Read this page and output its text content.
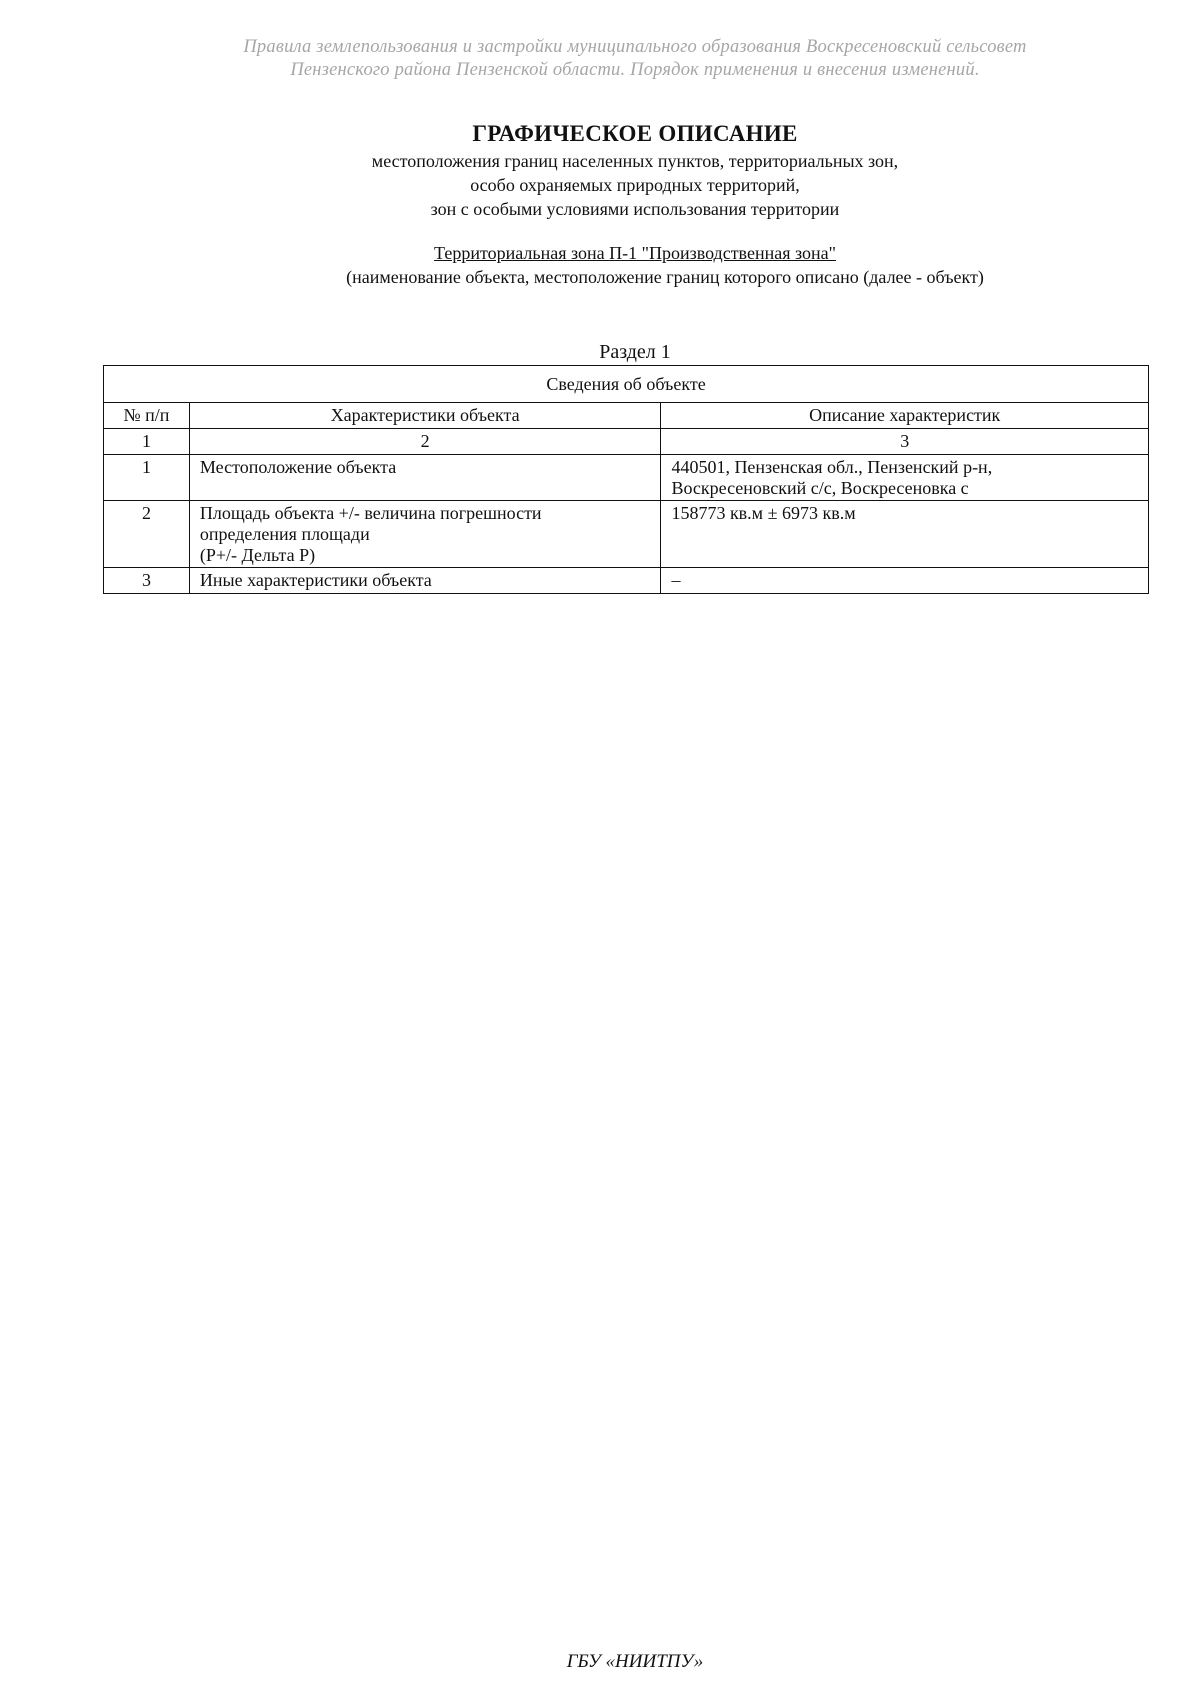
Правила землепользования и застройки муниципального образования Воскресеновский сельсовет
Пензенского района Пензенской области. Порядок применения и внесения изменений.
ГРАФИЧЕСКОЕ ОПИСАНИЕ
местоположения границ населенных пунктов, территориальных зон,
особо охраняемых природных территорий,
зон с особыми условиями использования территории
Территориальная зона П-1 "Производственная зона"
(наименование объекта, местоположение границ которого описано (далее - объект)
Раздел 1
Сведения об объекте		
№ п/п	Характеристики объекта	Описание характеристик
1	2	3
1	Местоположение объекта	440501, Пензенская обл., Пензенский р-н,
Воскресеновский с/с, Воскресеновка с

2	Площадь объекта +/- величина погрешности
определения площади
(Р+/- Дельта Р)	158773 кв.м ± 6973 кв.м

3	Иные характеристики объекта	–
ГБУ «НИИТПУ»
